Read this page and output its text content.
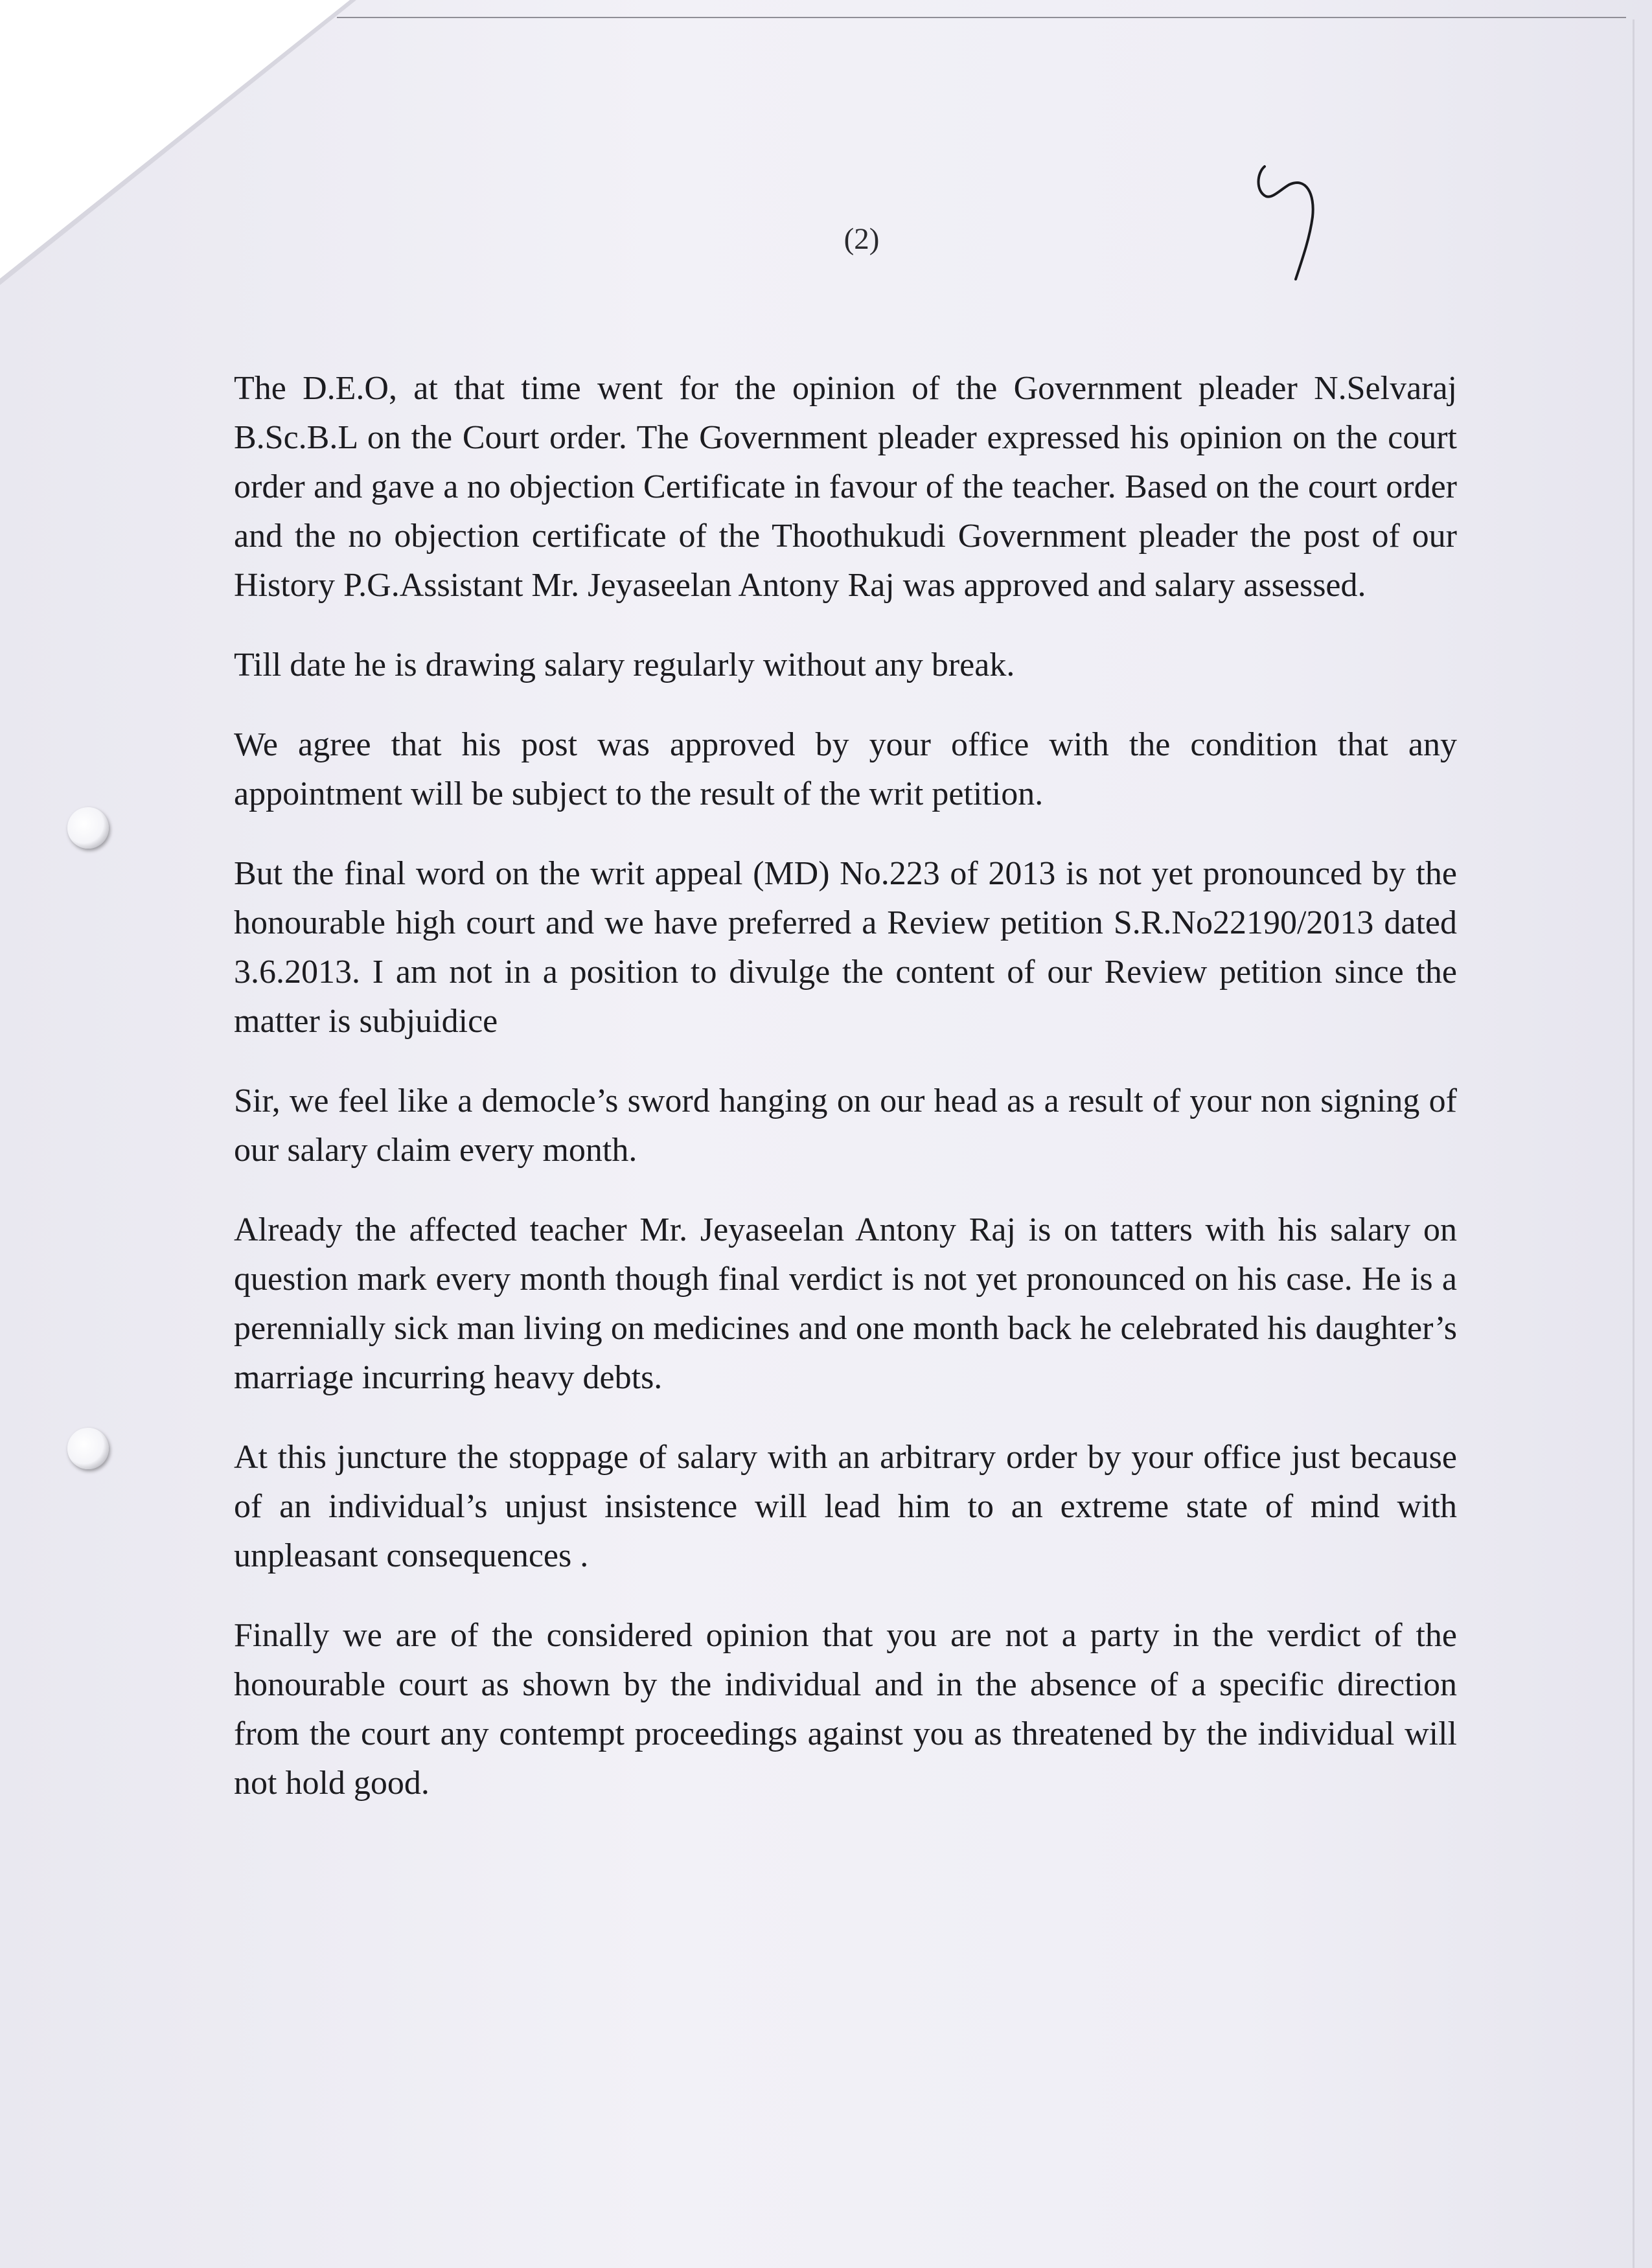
(2)

The D.E.O, at that time went for the opinion of the Government pleader N.Selvaraj B.Sc.B.L on the Court order. The Government pleader expressed his opinion on the court order and gave a no objection Certificate in favour of the teacher. Based on the court order and the no objection certificate of the Thoothukudi Government pleader the post of our History P.G.Assistant Mr. Jeyaseelan Antony Raj was approved and salary assessed.

Till date he is drawing salary regularly without any break.

We agree that his post was approved by your office with the condition that any appointment will be subject to the result of the writ petition.

But the final word on the writ appeal (MD) No.223 of 2013 is not yet pronounced by the honourable high court and we have preferred a Review petition S.R.No22190/2013 dated 3.6.2013. I am not in a position to divulge the content of our Review petition since the matter is subjuidice

Sir, we feel like a democle’s sword hanging on our head as a result of your non signing of our salary claim every month.

Already the affected teacher Mr. Jeyaseelan Antony Raj is on tatters with his salary on question mark every month though final verdict is not yet pronounced on his case. He is a perennially sick man living on medicines and one month back he celebrated his daughter’s marriage incurring heavy debts.

At this juncture the stoppage of salary with an arbitrary order by your office just because of an individual’s unjust insistence will lead him to an extreme state of mind with unpleasant consequences .

Finally we are of the considered opinion that you are not a party in the verdict of the honourable court as shown by the individual and in the absence of a specific direction from the court any contempt proceedings against you as threatened by the individual will not hold good.
